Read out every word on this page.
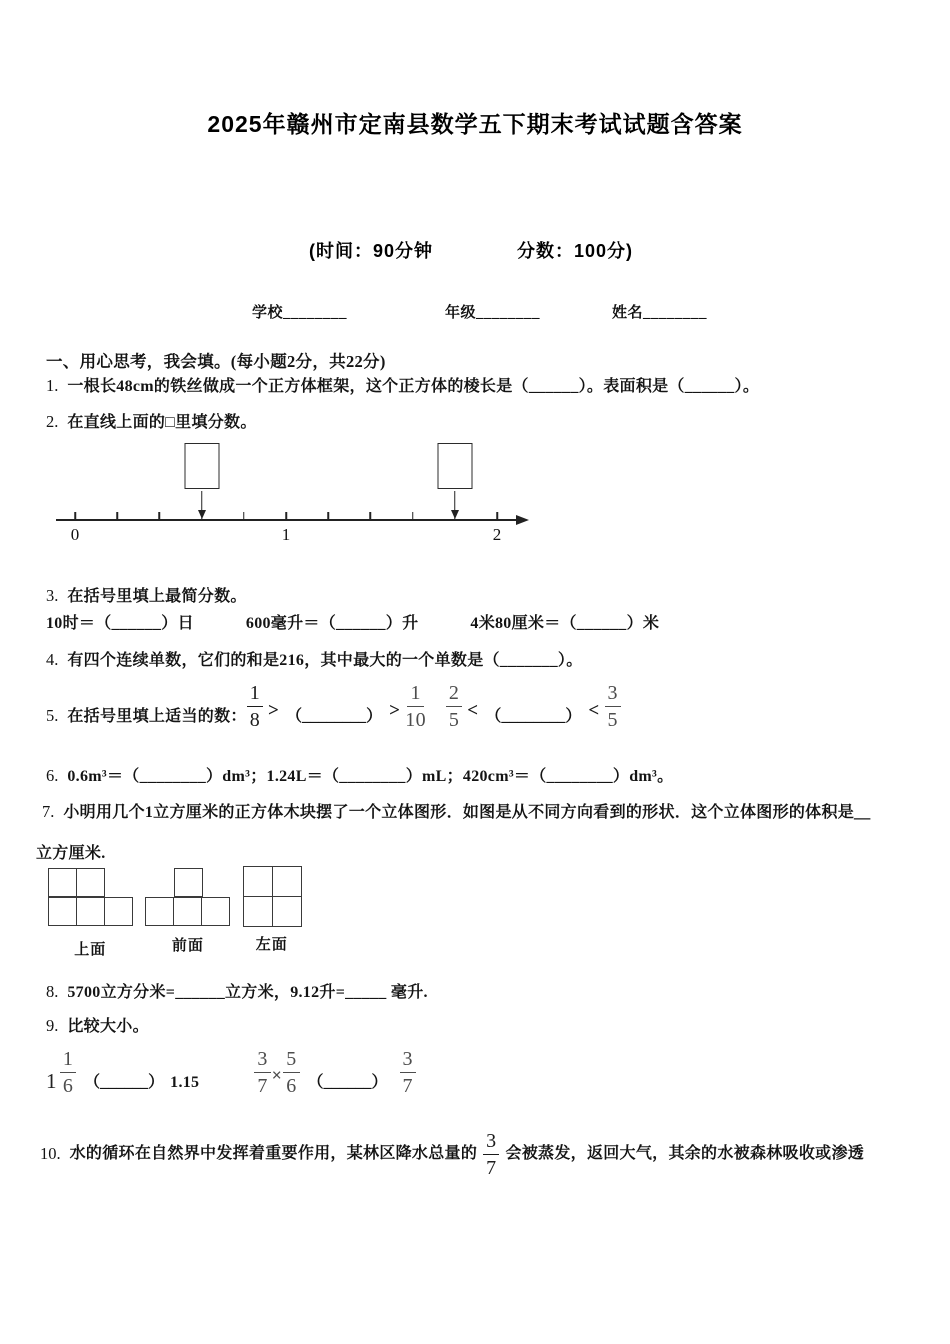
2025年赣州市定南县数学五下期末考试试题含答案
(时间：90分钟	分数：100分)
学校________	年级________	姓名________
一、用心思考，我会填。(每小题2分，共22分)
1. 一根长48cm的铁丝做成一个正方体框架，这个正方体的棱长是（______）。表面积是（______）。
2. 在直线上面的□里填分数。
0	1	2
3. 在括号里填上最简分数。
10时＝（______）日	600毫升＝（______）升	4米80厘米＝（______）米
4. 有四个连续单数，它们的和是216，其中最大的一个单数是（_______）。
5. 在括号里填上适当的数： $\frac{1}{8}$ > （________） > $\frac{1}{10} \frac{2}{5}$ < （________） < $\frac{3}{5}$
6. 0.6m³＝（________）dm³；1.24L＝（________）mL；420cm³＝（________）dm³。
7. 小明用几个1立方厘米的正方体木块摆了一个立体图形．如图是从不同方向看到的形状．这个立体图形的体积是＿
立方厘米.
上面	前面	左面
8. 5700立方分米=______立方米，9.12升=_____ 毫升.
9. 比较大小。
$1 \frac{1}{6}$ （______） 1.15	$\frac{3}{7} \times \frac{5}{6}$ （______） $\frac{3}{7}$
10. 水的循环在自然界中发挥着重要作用，某林区降水总量的 $\frac{3}{7}$ 会被蒸发，返回大气，其余的水被森林吸收或渗透
